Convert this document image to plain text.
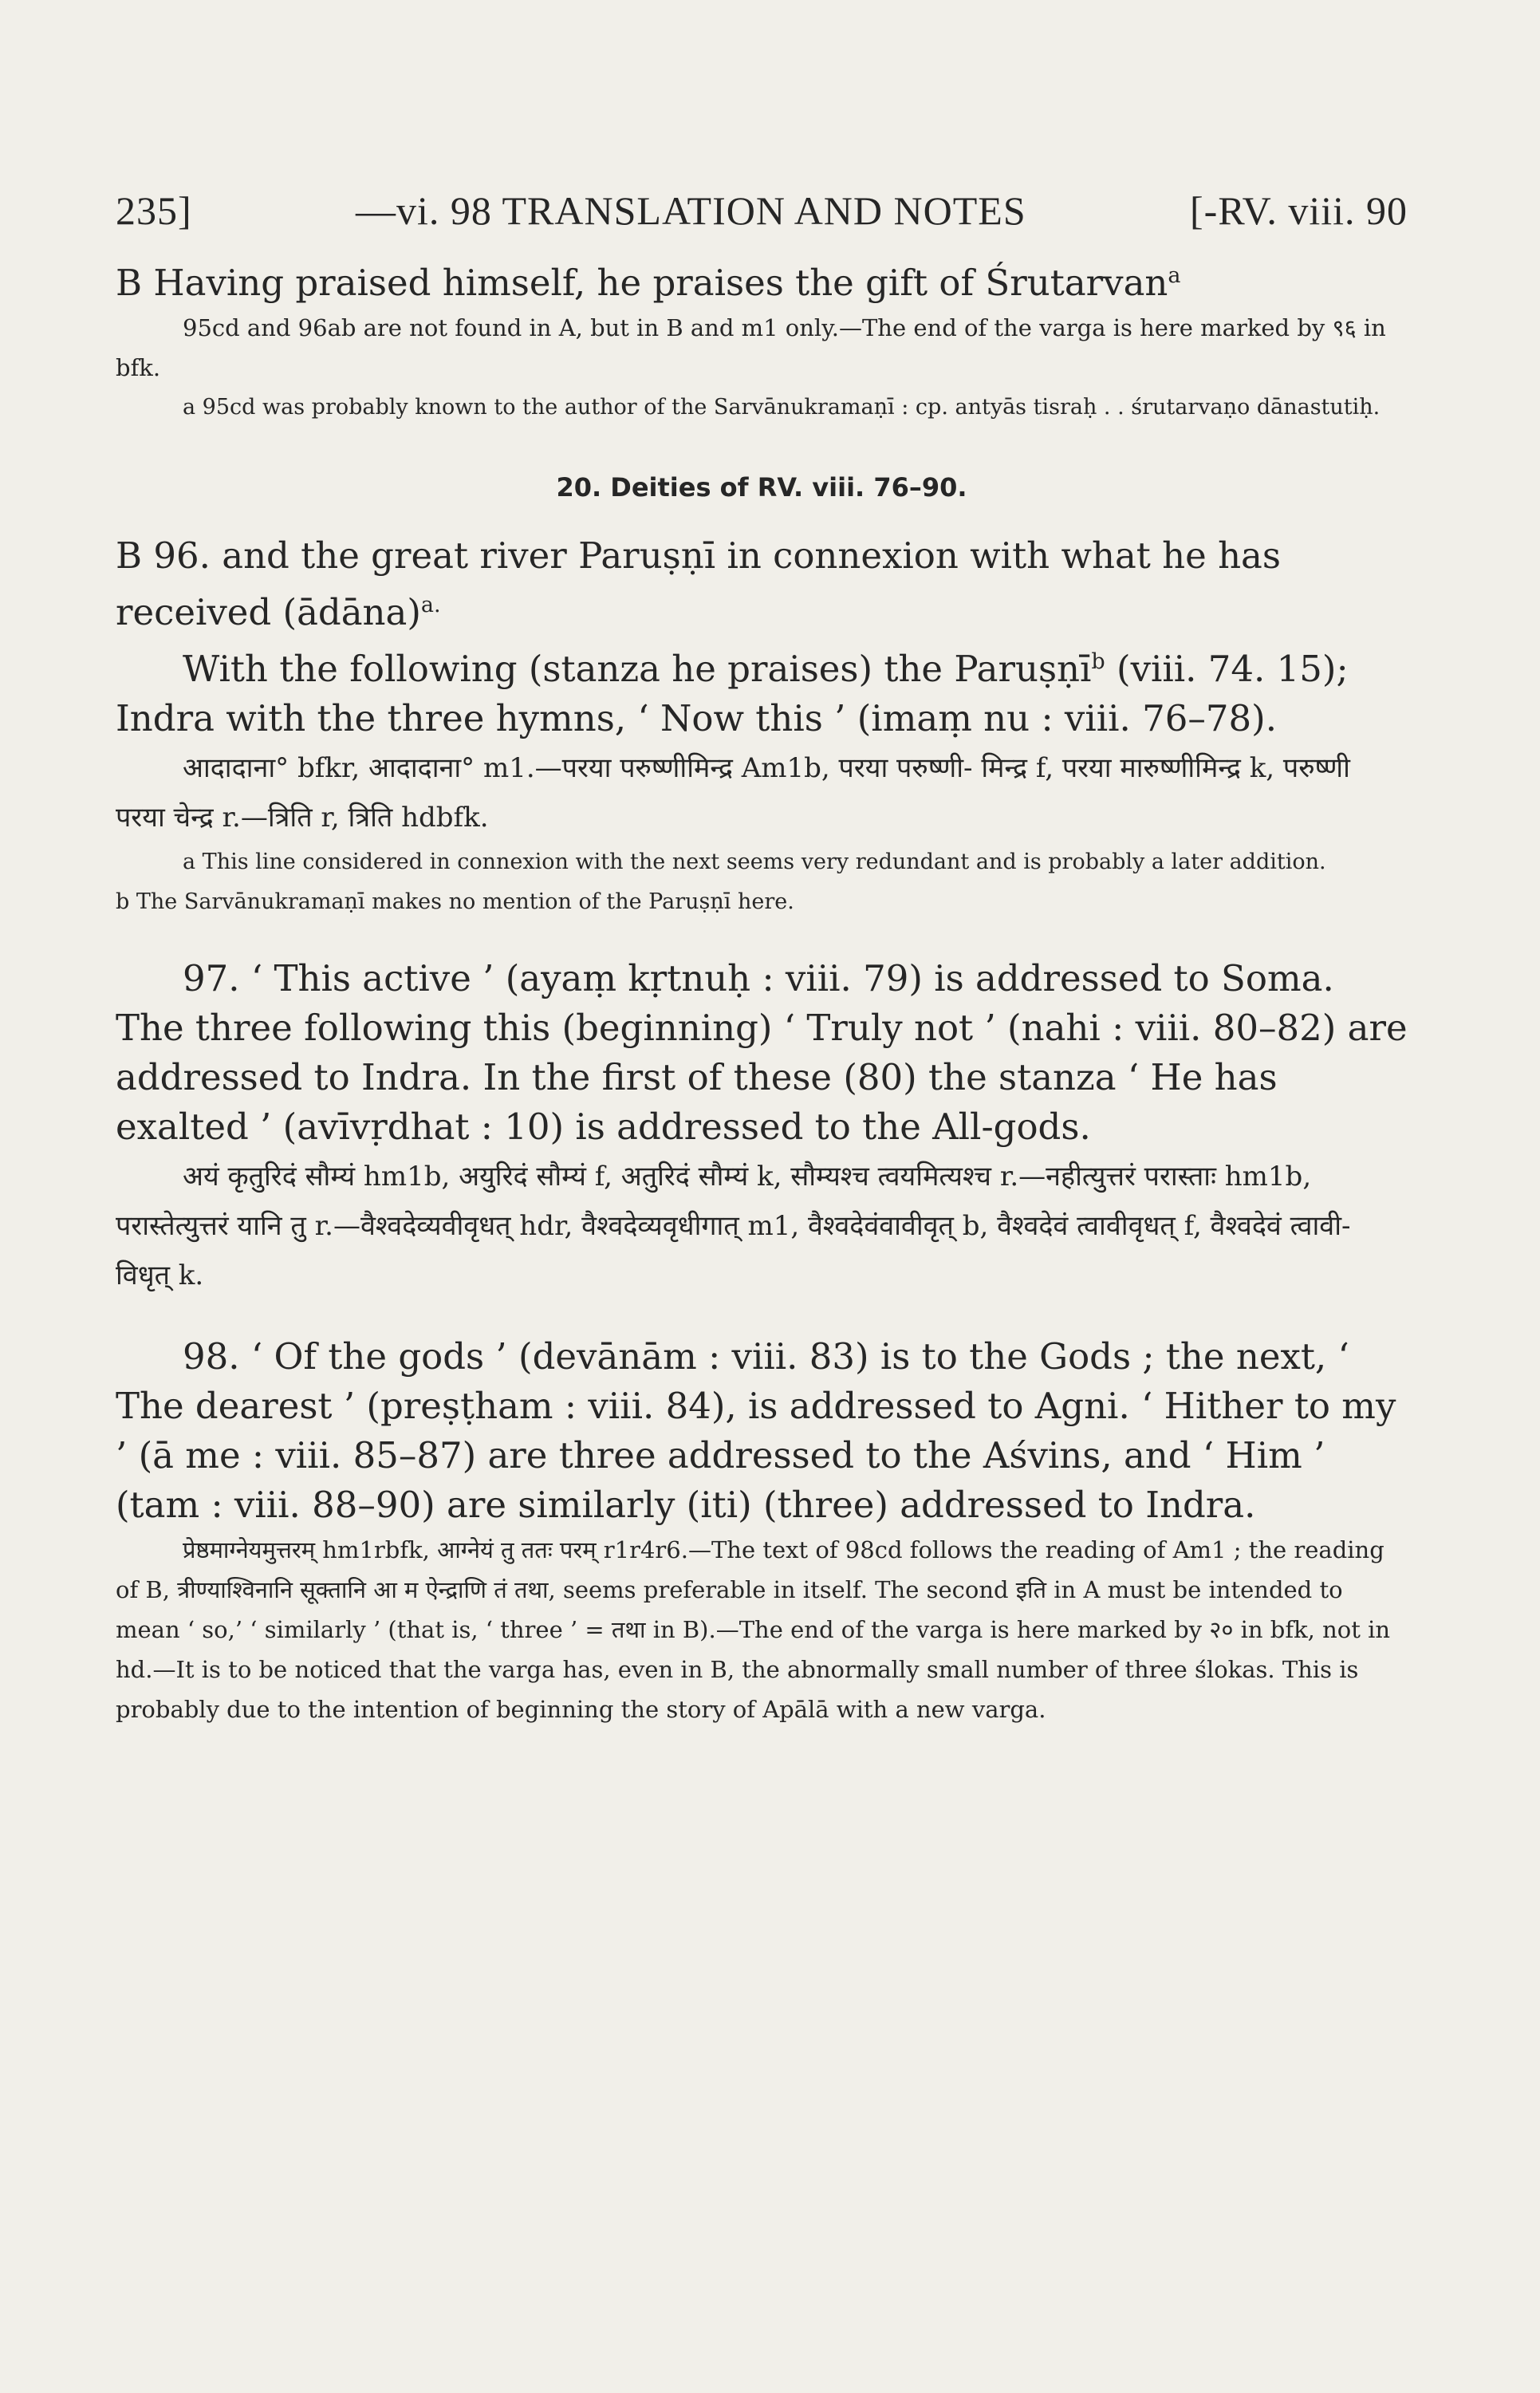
235]	—vi. 98 TRANSLATION AND NOTES	[-RV. viii. 90

B Having praised himself, he praises the gift of Śrutarvan$^a$

95cd and 96ab are not found in A, but in B and m1 only.—The end of the varga is here marked by ९६ in bfk.

a 95cd was probably known to the author of the Sarvānukramaṇī : cp. antyās tisraḥ . . śrutarvaṇo dānastutiḥ.

20. Deities of RV. viii. 76–90.

B 96. and the great river Paruṣṇī in connexion with what he has received (ādāna)$^{a.}$

With the following (stanza he praises) the Paruṣṇī$^b$ (viii. 74. 15); Indra with the three hymns, ‘ Now this ’ (imaṃ nu : viii. 76–78).

आदादाना° bfkr, आदादाना° m1.—परया परुष्णीमिन्द्र Am1b, परया परुष्णी- मिन्द्र f, परया मारुष्णीमिन्द्र k, परुष्णी परया चेन्द्र r.—त्रिति r, त्रिति hdbfk.

a This line considered in connexion with the next seems very redundant and is probably a later addition.

b The Sarvānukramaṇī makes no mention of the Paruṣṇī here.

97. ‘ This active ’ (ayaṃ kṛtnuḥ : viii. 79) is addressed to Soma. The three following this (beginning) ‘ Truly not ’ (nahi : viii. 80–82) are addressed to Indra. In the first of these (80) the stanza ‘ He has exalted ’ (avīvṛdhat : 10) is addressed to the All-gods.

अयं कृतुरिदं सौम्यं hm1b, अयुरिदं सौम्यं f, अतुरिदं सौम्यं k, सौम्यश्च त्वयमित्यश्च r.—नहीत्युत्तरं परास्ताः hm1b, परास्तेत्युत्तरं यानि तु r.—वैश्वदेव्यवीवृधत् hdr, वैश्वदेव्यवृधीगात् m1, वैश्वदेवंवावीवृत् b, वैश्वदेवं त्वावीवृधत् f, वैश्वदेवं त्वावी- विधृत् k.

98. ‘ Of the gods ’ (devānām : viii. 83) is to the Gods ; the next, ‘ The dearest ’ (preṣṭham : viii. 84), is addressed to Agni. ‘ Hither to my ’ (ā me : viii. 85–87) are three addressed to the Aśvins, and ‘ Him ’ (tam : viii. 88–90) are similarly (iti) (three) addressed to Indra.

प्रेष्ठमाग्नेयमुत्तरम् hm1rbfk, आग्नेयं तु ततः परम् r1r4r6.—The text of 98cd follows the reading of Am1 ; the reading of B, त्रीण्याश्विनानि सूक्तानि आ म ऐन्द्राणि तं तथा, seems preferable in itself. The second इति in A must be intended to mean ‘ so,’ ‘ similarly ’ (that is, ‘ three ’ = तथा in B).—The end of the varga is here marked by २० in bfk, not in hd.—It is to be noticed that the varga has, even in B, the abnormally small number of three ślokas. This is probably due to the intention of beginning the story of Apālā with a new varga.
